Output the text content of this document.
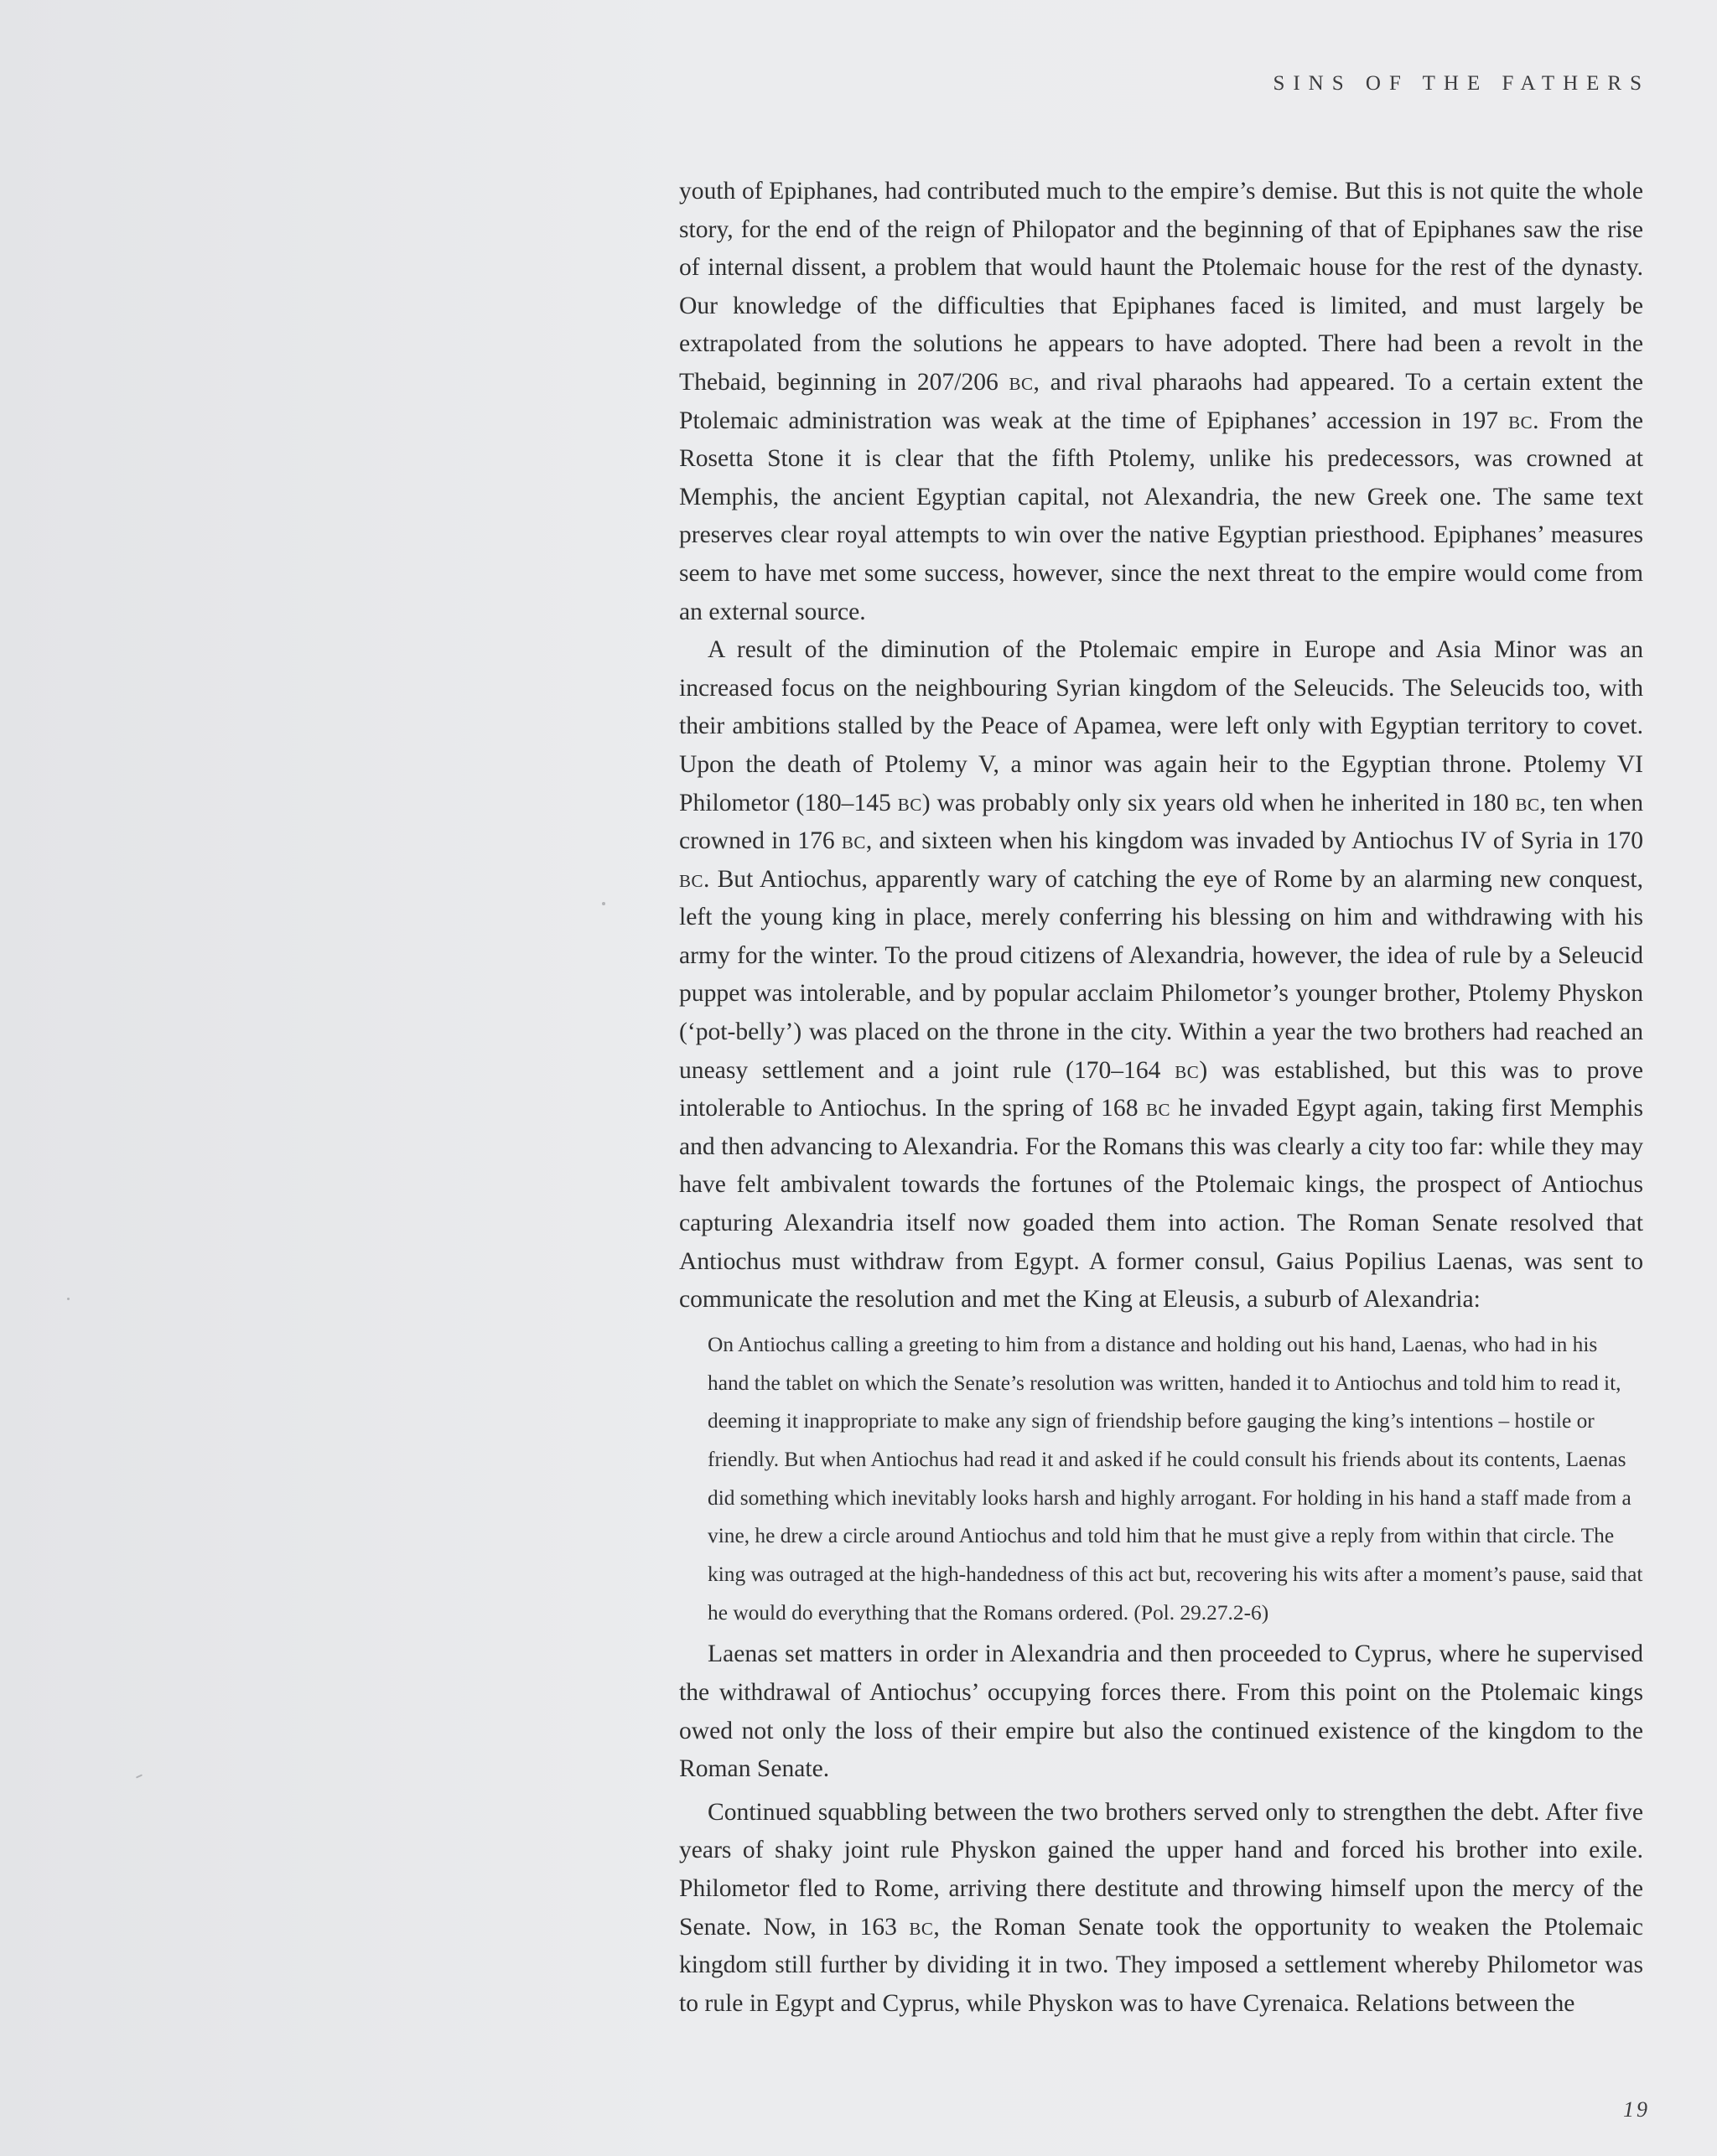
SINS OF THE FATHERS

youth of Epiphanes, had contributed much to the empire’s demise. But this is not quite the whole story, for the end of the reign of Philopator and the beginning of that of Epiphanes saw the rise of internal dissent, a problem that would haunt the Ptolemaic house for the rest of the dynasty. Our knowledge of the difficulties that Epiphanes faced is limited, and must largely be extrapolated from the solutions he appears to have adopted. There had been a revolt in the Thebaid, beginning in 207/206 bc, and rival pharaohs had appeared. To a certain extent the Ptolemaic administration was weak at the time of Epiphanes’ accession in 197 bc. From the Rosetta Stone it is clear that the fifth Ptolemy, unlike his predecessors, was crowned at Memphis, the ancient Egyptian capital, not Alexandria, the new Greek one. The same text preserves clear royal attempts to win over the native Egyptian priesthood. Epiphanes’ measures seem to have met some success, however, since the next threat to the empire would come from an external source.

A result of the diminution of the Ptolemaic empire in Europe and Asia Minor was an increased focus on the neighbouring Syrian kingdom of the Seleucids. The Seleucids too, with their ambitions stalled by the Peace of Apamea, were left only with Egyptian territory to covet. Upon the death of Ptolemy V, a minor was again heir to the Egyptian throne. Ptolemy VI Philometor (180–145 bc) was probably only six years old when he inherited in 180 bc, ten when crowned in 176 bc, and sixteen when his kingdom was invaded by Antiochus IV of Syria in 170 bc. But Antiochus, apparently wary of catching the eye of Rome by an alarming new conquest, left the young king in place, merely conferring his blessing on him and withdrawing with his army for the winter. To the proud citizens of Alexandria, however, the idea of rule by a Seleucid puppet was intolerable, and by popular acclaim Philometor’s younger brother, Ptolemy Physkon (‘pot-belly’) was placed on the throne in the city. Within a year the two brothers had reached an uneasy settlement and a joint rule (170–164 bc) was established, but this was to prove intolerable to Antiochus. In the spring of 168 bc he invaded Egypt again, taking first Memphis and then advancing to Alexandria. For the Romans this was clearly a city too far: while they may have felt ambivalent towards the fortunes of the Ptolemaic kings, the prospect of Antiochus capturing Alexandria itself now goaded them into action. The Roman Senate resolved that Antiochus must withdraw from Egypt. A former consul, Gaius Popilius Laenas, was sent to communicate the resolution and met the King at Eleusis, a suburb of Alexandria:

On Antiochus calling a greeting to him from a distance and holding out his hand, Laenas, who had in his hand the tablet on which the Senate’s resolution was written, handed it to Antiochus and told him to read it, deeming it inappropriate to make any sign of friendship before gauging the king’s intentions – hostile or friendly. But when Antiochus had read it and asked if he could consult his friends about its contents, Laenas did something which inevitably looks harsh and highly arrogant. For holding in his hand a staff made from a vine, he drew a circle around Antiochus and told him that he must give a reply from within that circle. The king was outraged at the high-handedness of this act but, recovering his wits after a moment’s pause, said that he would do everything that the Romans ordered. (Pol. 29.27.2-6)

Laenas set matters in order in Alexandria and then proceeded to Cyprus, where he supervised the withdrawal of Antiochus’ occupying forces there. From this point on the Ptolemaic kings owed not only the loss of their empire but also the continued existence of the kingdom to the Roman Senate.

Continued squabbling between the two brothers served only to strengthen the debt. After five years of shaky joint rule Physkon gained the upper hand and forced his brother into exile. Philometor fled to Rome, arriving there destitute and throwing himself upon the mercy of the Senate. Now, in 163 bc, the Roman Senate took the opportunity to weaken the Ptolemaic kingdom still further by dividing it in two. They imposed a settlement whereby Philometor was to rule in Egypt and Cyprus, while Physkon was to have Cyrenaica. Relations between the

19
